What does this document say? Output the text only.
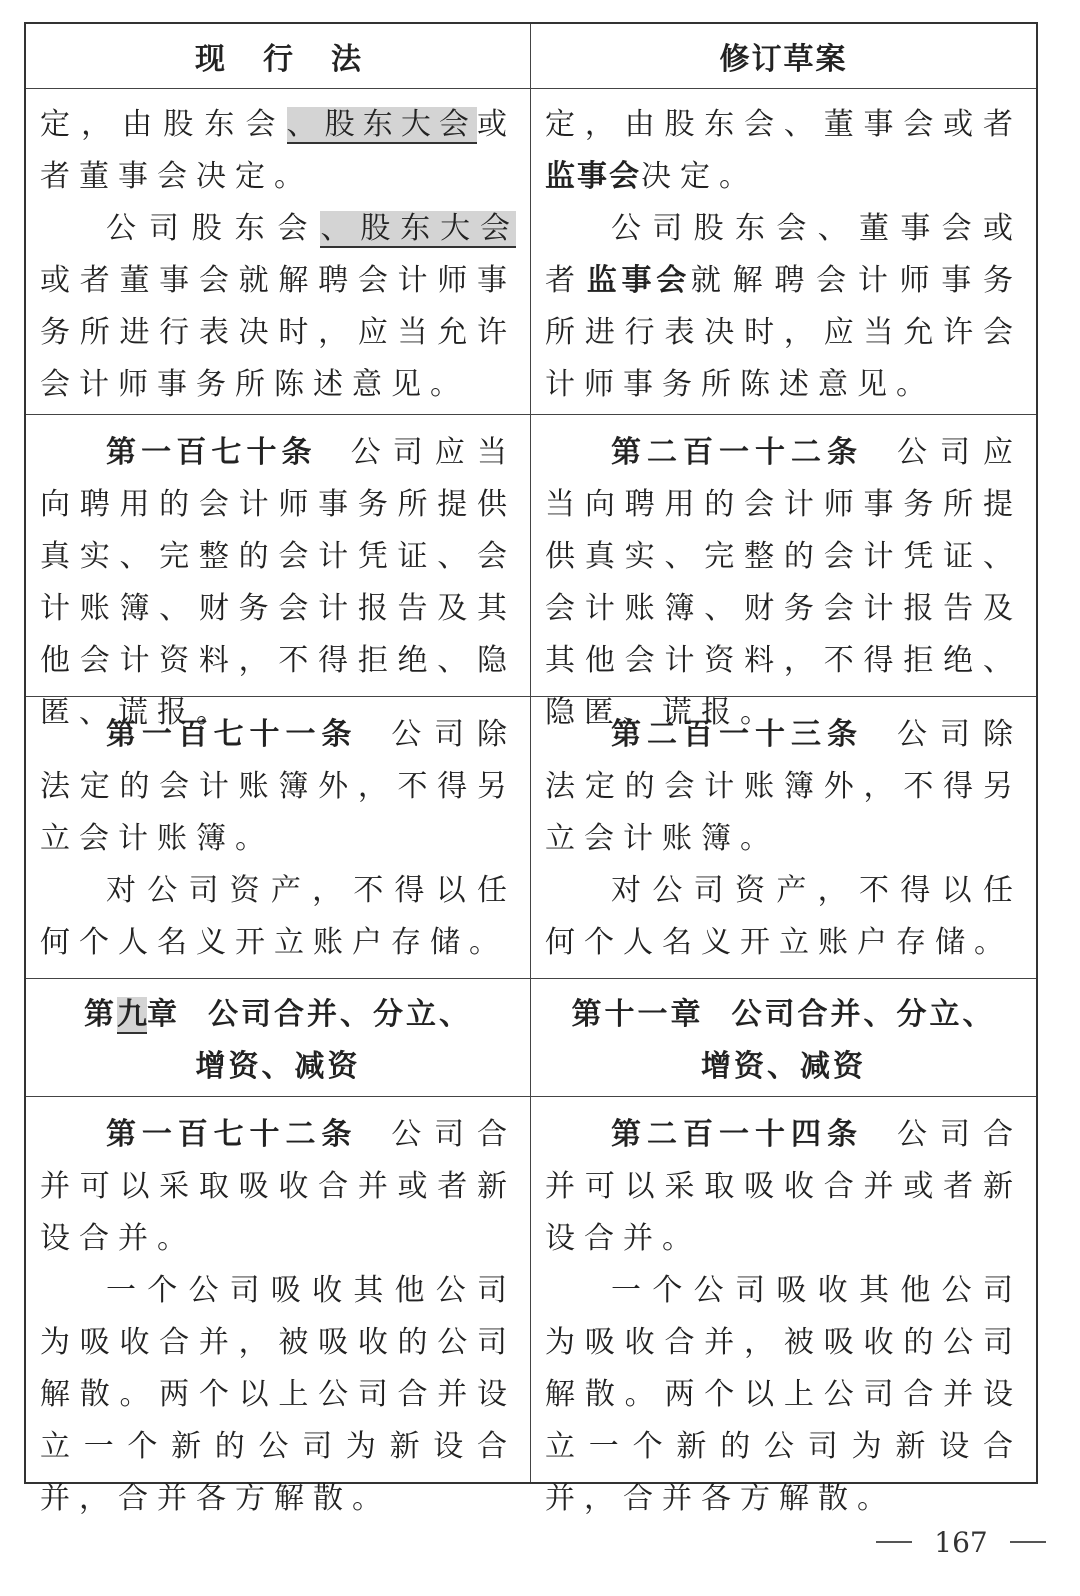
现行法	修订草案

定，由股东会、股东大会或者董事会决定。

公司股东会、股东大会或者董事会就解聘会计师事务所进行表决时，应当允许会计师事务所陈述意见。

定，由股东会、董事会或者监事会决定。

公司股东会、董事会或者监事会就解聘会计师事务所进行表决时，应当允许会计师事务所陈述意见。

第一百七十条 公司应当向聘用的会计师事务所提供真实、完整的会计凭证、会计账簿、财务会计报告及其他会计资料，不得拒绝、隐匿、谎报。

第二百一十二条 公司应当向聘用的会计师事务所提供真实、完整的会计凭证、会计账簿、财务会计报告及其他会计资料，不得拒绝、隐匿、谎报。

第一百七十一条 公司除法定的会计账簿外，不得另立会计账簿。

对公司资产，不得以任何个人名义开立账户存储。

第二百一十三条 公司除法定的会计账簿外，不得另立会计账簿。

对公司资产，不得以任何个人名义开立账户存储。

第九章 公司合并、分立、

增资、减资

第十一章 公司合并、分立、

增资、减资

第一百七十二条 公司合并可以采取吸收合并或者新设合并。

一个公司吸收其他公司为吸收合并，被吸收的公司解散。两个以上公司合并设立一个新的公司为新设合并，合并各方解散。

第二百一十四条 公司合并可以采取吸收合并或者新设合并。

一个公司吸收其他公司为吸收合并，被吸收的公司解散。两个以上公司合并设立一个新的公司为新设合并，合并各方解散。

167
